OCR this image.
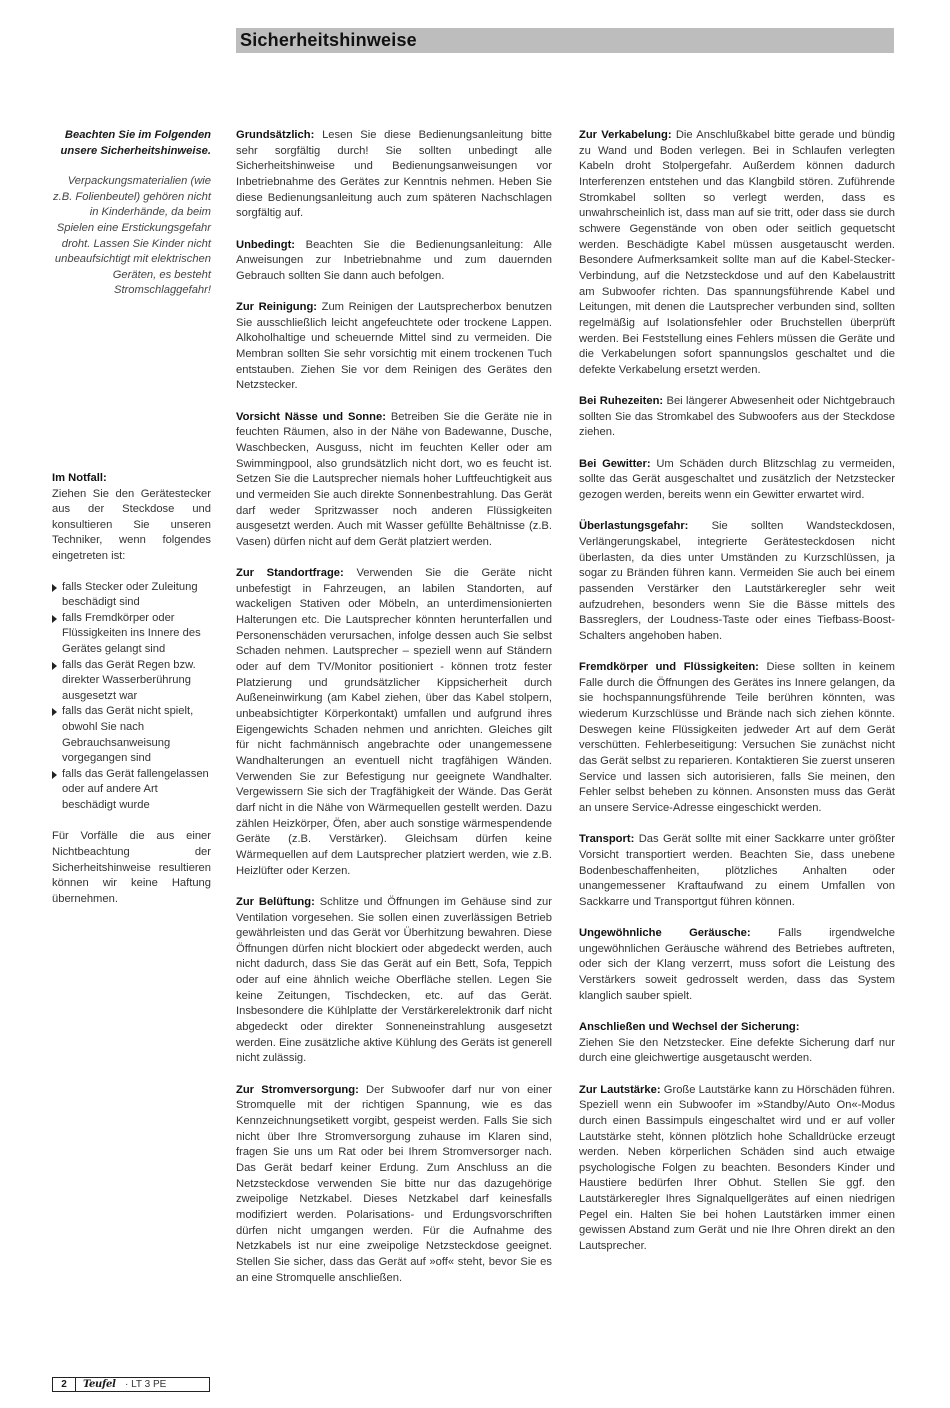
Sicherheitshinweise

Beachten Sie im Folgenden unsere Sicherheitshinweise.

Verpackungsmaterialien (wie z.B. Folienbeutel) gehören nicht in Kinderhände, da beim Spielen eine Erstickungsgefahr droht. Lassen Sie Kinder nicht unbeaufsichtigt mit elektrischen Geräten, es besteht Stromschlaggefahr!

Im Notfall:

Ziehen Sie den Gerätestecker aus der Steckdose und konsultieren Sie unseren Techniker, wenn folgendes eingetreten ist:

falls Stecker oder Zuleitung beschädigt sind
falls Fremdkörper oder Flüssigkeiten ins Innere des Gerätes gelangt sind
falls das Gerät Regen bzw. direkter Wasserberührung ausgesetzt war
falls das Gerät nicht spielt, obwohl Sie nach Gebrauchsanweisung vorgegangen sind
falls das Gerät fallengelassen oder auf andere Art beschädigt wurde

Für Vorfälle die aus einer Nichtbeachtung der Sicherheitshinweise resultieren können wir keine Haftung übernehmen.

Grundsätzlich: Lesen Sie diese Bedienungsanleitung bitte sehr sorgfältig durch! Sie sollten unbedingt alle Sicherheitshinweise und Bedienungsanweisungen vor Inbetriebnahme des Gerätes zur Kenntnis nehmen. Heben Sie diese Bedienungsanleitung auch zum späteren Nachschlagen sorgfältig auf.

Unbedingt: Beachten Sie die Bedienungsanleitung: Alle Anweisungen zur Inbetriebnahme und zum dauernden Gebrauch sollten Sie dann auch befolgen.

Zur Reinigung: Zum Reinigen der Lautsprecherbox benutzen Sie ausschließlich leicht angefeuchtete oder trockene Lappen. Alkoholhaltige und scheuernde Mittel sind zu vermeiden. Die Membran sollten Sie sehr vorsichtig mit einem trockenen Tuch entstauben. Ziehen Sie vor dem Reinigen des Gerätes den Netzstecker.

Vorsicht Nässe und Sonne: Betreiben Sie die Geräte nie in feuchten Räumen, also in der Nähe von Badewanne, Dusche, Waschbecken, Ausguss, nicht im feuchten Keller oder am Swimmingpool, also grundsätzlich nicht dort, wo es feucht ist. Setzen Sie die Lautsprecher niemals hoher Luftfeuchtigkeit aus und vermeiden Sie auch direkte Sonnenbestrahlung. Das Gerät darf weder Spritzwasser noch anderen Flüssigkeiten ausgesetzt werden. Auch mit Wasser gefüllte Behältnisse (z.B. Vasen) dürfen nicht auf dem Gerät platziert werden.

Zur Standortfrage: Verwenden Sie die Geräte nicht unbefestigt in Fahrzeugen, an labilen Standorten, auf wackeligen Stativen oder Möbeln, an unterdimensionierten Halterungen etc. Die Lautsprecher könnten herunterfallen und Personenschäden verursachen, infolge dessen auch Sie selbst Schaden nehmen. Lautsprecher – speziell wenn auf Ständern oder auf dem TV/Monitor positioniert - können trotz fester Platzierung und grundsätzlicher Kippsicherheit durch Außeneinwirkung (am Kabel ziehen, über das Kabel stolpern, unbeabsichtigter Körperkontakt) umfallen und aufgrund ihres Eigengewichts Schaden nehmen und anrichten. Gleiches gilt für nicht fachmännisch angebrachte oder unangemessene Wandhalterungen an eventuell nicht tragfähigen Wänden. Verwenden Sie zur Befestigung nur geeignete Wandhalter. Vergewissern Sie sich der Tragfähigkeit der Wände. Das Gerät darf nicht in die Nähe von Wärmequellen gestellt werden. Dazu zählen Heizkörper, Öfen, aber auch sonstige wärmespendende Geräte (z.B. Verstärker). Gleichsam dürfen keine Wärmequellen auf dem Lautsprecher platziert werden, wie z.B. Heizlüfter oder Kerzen.

Zur Belüftung: Schlitze und Öffnungen im Gehäuse sind zur Ventilation vorgesehen. Sie sollen einen zuverlässigen Betrieb gewährleisten und das Gerät vor Überhitzung bewahren. Diese Öffnungen dürfen nicht blockiert oder abgedeckt werden, auch nicht dadurch, dass Sie das Gerät auf ein Bett, Sofa, Teppich oder auf eine ähnlich weiche Oberfläche stellen. Legen Sie keine Zeitungen, Tischdecken, etc. auf das Gerät. Insbesondere die Kühlplatte der Verstärkerelektronik darf nicht abgedeckt oder direkter Sonneneinstrahlung ausgesetzt werden. Eine zusätzliche aktive Kühlung des Geräts ist generell nicht zulässig.

Zur Stromversorgung: Der Subwoofer darf nur von einer Stromquelle mit der richtigen Spannung, wie es das Kennzeichnungsetikett vorgibt, gespeist werden. Falls Sie sich nicht über Ihre Stromversorgung zuhause im Klaren sind, fragen Sie uns um Rat oder bei Ihrem Stromversorger nach. Das Gerät bedarf keiner Erdung. Zum Anschluss an die Netzsteckdose verwenden Sie bitte nur das dazugehörige zweipolige Netzkabel. Dieses Netzkabel darf keinesfalls modifiziert werden. Polarisations- und Erdungsvorschriften dürfen nicht umgangen werden. Für die Aufnahme des Netzkabels ist nur eine zweipolige Netzsteckdose geeignet. Stellen Sie sicher, dass das Gerät auf »off« steht, bevor Sie es an eine Stromquelle anschließen.

Zur Verkabelung: Die Anschlußkabel bitte gerade und bündig zu Wand und Boden verlegen. Bei in Schlaufen verlegten Kabeln droht Stolpergefahr. Außerdem können dadurch Interferenzen entstehen und das Klangbild stören. Zuführende Stromkabel sollten so verlegt werden, dass es unwahrscheinlich ist, dass man auf sie tritt, oder dass sie durch schwere Gegenstände von oben oder seitlich gequetscht werden. Beschädigte Kabel müssen ausgetauscht werden. Besondere Aufmerksamkeit sollte man auf die Kabel-Stecker-Verbindung, auf die Netzsteckdose und auf den Kabelaustritt am Subwoofer richten. Das spannungsführende Kabel und Leitungen, mit denen die Lautsprecher verbunden sind, sollten regelmäßig auf Isolationsfehler oder Bruchstellen überprüft werden. Bei Feststellung eines Fehlers müssen die Geräte und die Verkabelungen sofort spannungslos geschaltet und die defekte Verkabelung ersetzt werden.

Bei Ruhezeiten: Bei längerer Abwesenheit oder Nichtgebrauch sollten Sie das Stromkabel des Subwoofers aus der Steckdose ziehen.

Bei Gewitter: Um Schäden durch Blitzschlag zu vermeiden, sollte das Gerät ausgeschaltet und zusätzlich der Netzstecker gezogen werden, bereits wenn ein Gewitter erwartet wird.

Überlastungsgefahr: Sie sollten Wandsteckdosen, Verlängerungskabel, integrierte Gerätesteckdosen nicht überlasten, da dies unter Umständen zu Kurzschlüssen, ja sogar zu Bränden führen kann. Vermeiden Sie auch bei einem passenden Verstärker den Lautstärkeregler sehr weit aufzudrehen, besonders wenn Sie die Bässe mittels des Bassreglers, der Loudness-Taste oder eines Tiefbass-Boost-Schalters angehoben haben.

Fremdkörper und Flüssigkeiten: Diese sollten in keinem Falle durch die Öffnungen des Gerätes ins Innere gelangen, da sie hochspannungsführende Teile berühren könnten, was wiederum Kurzschlüsse und Brände nach sich ziehen könnte. Deswegen keine Flüssigkeiten jedweder Art auf dem Gerät verschütten. Fehlerbeseitigung: Versuchen Sie zunächst nicht das Gerät selbst zu reparieren. Kontaktieren Sie zuerst unseren Service und lassen sich autorisieren, falls Sie meinen, den Fehler selbst beheben zu können. Ansonsten muss das Gerät an unsere Service-Adresse eingeschickt werden.

Transport: Das Gerät sollte mit einer Sackkarre unter größter Vorsicht transportiert werden. Beachten Sie, dass unebene Bodenbeschaffenheiten, plötzliches Anhalten oder unangemessener Kraftaufwand zu einem Umfallen von Sackkarre und Transportgut führen können.

Ungewöhnliche Geräusche: Falls irgendwelche ungewöhnlichen Geräusche während des Betriebes auftreten, oder sich der Klang verzerrt, muss sofort die Leistung des Verstärkers soweit gedrosselt werden, dass das System klanglich sauber spielt.

Anschließen und Wechsel der Sicherung:
Ziehen Sie den Netzstecker. Eine defekte Sicherung darf nur durch eine gleichwertige ausgetauscht werden.

Zur Lautstärke: Große Lautstärke kann zu Hörschäden führen. Speziell wenn ein Subwoofer im »Standby/Auto On«-Modus durch einen Bassimpuls eingeschaltet wird und er auf voller Lautstärke steht, können plötzlich hohe Schalldrücke erzeugt werden. Neben körperlichen Schäden sind auch etwaige psychologische Folgen zu beachten. Besonders Kinder und Haustiere bedürfen Ihrer Obhut. Stellen Sie ggf. den Lautstärkeregler Ihres Signalquellgerätes auf einen niedrigen Pegel ein. Halten Sie bei hohen Lautstärken immer einen gewissen Abstand zum Gerät und nie Ihre Ohren direkt an den Lautsprecher.

2	Teufel · LT 3 PE
